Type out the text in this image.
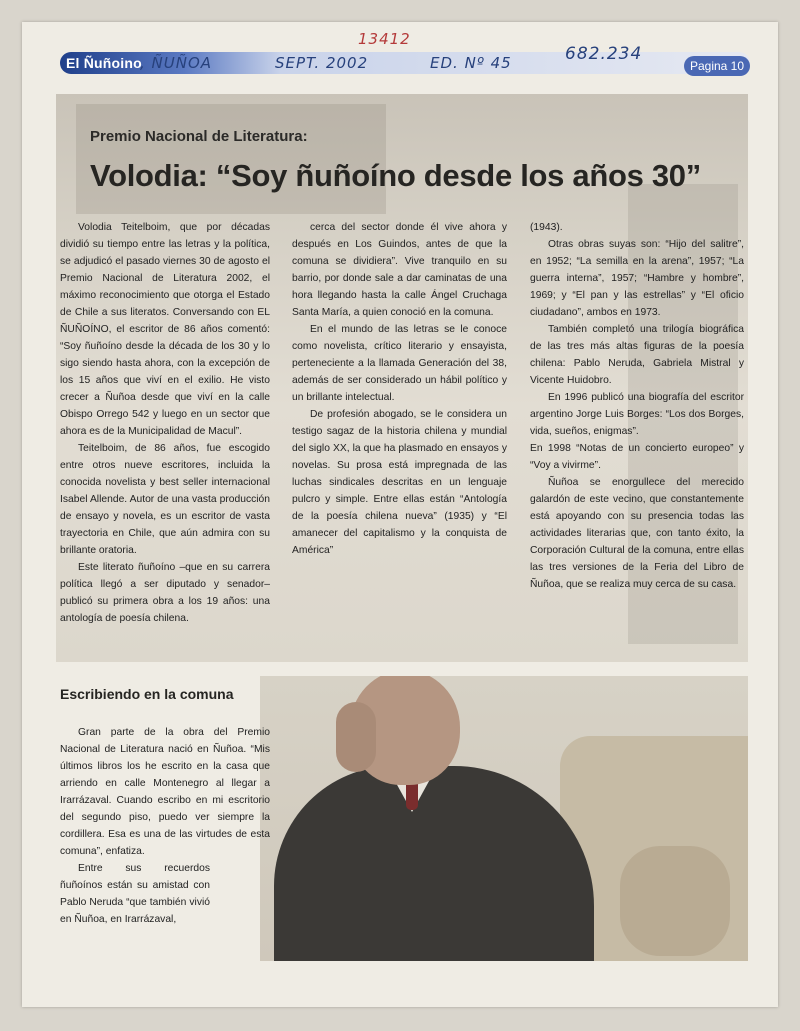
El Ñuñoino
, ÑUÑOA	SEPT. 2002	ED. Nº 45
13412
682.234
Pagina 10
Premio Nacional de Literatura:
Volodia: “Soy ñuñoíno desde los años 30”

Volodia Teitelboim, que por décadas dividió su tiempo entre las letras y la política, se adjudicó el pasado viernes 30 de agosto el Premio Nacional de Literatura 2002, el máximo reconocimiento que otorga el Estado de Chile a sus literatos. Conversando con EL ÑUÑOÍNO, el escritor de 86 años comentó: “Soy ñuñoíno desde la década de los 30 y lo sigo siendo hasta ahora, con la excepción de los 15 años que viví en el exilio. He visto crecer a Ñuñoa desde que viví en la calle Obispo Orrego 542 y luego en un sector que ahora es de la Municipalidad de Macul”.

Teitelboim, de 86 años, fue escogido entre otros nueve escritores, incluida la conocida novelista y best seller internacional Isabel Allende. Autor de una vasta producción de ensayo y novela, es un escritor de vasta trayectoria en Chile, que aún admira con su brillante oratoria.

Este literato ñuñoíno –que en su carrera política llegó a ser diputado y senador– publicó su primera obra a los 19 años: una antología de poesía chilena.

cerca del sector donde él vive ahora y después en Los Guindos, antes de que la comuna se dividiera”. Vive tranquilo en su barrio, por donde sale a dar caminatas de una hora llegando hasta la calle Ángel Cruchaga Santa María, a quien conoció en la comuna.

En el mundo de las letras se le conoce como novelista, crítico literario y ensayista, perteneciente a la llamada Generación del 38, además de ser considerado un hábil político y un brillante intelectual.

De profesión abogado, se le considera un testigo sagaz de la historia chilena y mundial del siglo XX, la que ha plasmado en ensayos y novelas. Su prosa está impregnada de las luchas sindicales descritas en un lenguaje pulcro y simple. Entre ellas están “Antología de la poesía chilena nueva” (1935) y “El amanecer del capitalismo y la conquista de América”

(1943).

Otras obras suyas son: “Hijo del salitre”, en 1952; “La semilla en la arena”, 1957; “La guerra interna”, 1957; “Hambre y hombre”, 1969; y “El pan y las estrellas” y “El oficio ciudadano”, ambos en 1973.

También completó una trilogía biográfica de las tres más altas figuras de la poesía chilena: Pablo Neruda, Gabriela Mistral y Vicente Huidobro.

En 1996 publicó una biografía del escritor argentino Jorge Luis Borges: “Los dos Borges, vida, sueños, enigmas”.

En 1998 “Notas de un concierto europeo” y “Voy a vivirme”.

Ñuñoa se enorgullece del merecido galardón de este vecino, que constantemente está apoyando con su presencia todas las actividades literarias que, con tanto éxito, la Corporación Cultural de la comuna, entre ellas las tres versiones de la Feria del Libro de Ñuñoa, que se realiza muy cerca de su casa.

Escribiendo en la comuna

Gran parte de la obra del Premio Nacional de Literatura nació en Ñuñoa. “Mis últimos libros los he escrito en la casa que arriendo en calle Montenegro al llegar a Irarrázaval. Cuando escribo en mi escritorio del segundo piso, puedo ver siempre la cordillera. Esa es una de las virtudes de esta comuna”, enfatiza.

Entre sus recuerdos ñuñoínos están su amistad con Pablo Neruda “que también vivió en Ñuñoa, en Irarrázaval,
